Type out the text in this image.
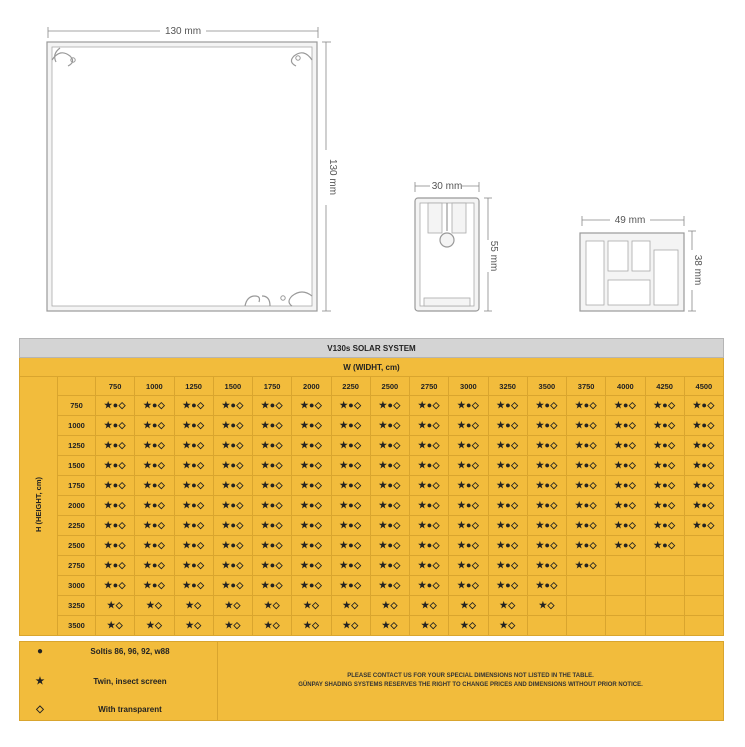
130 mm
130 mm	30 mm
55 mm
49 mm
38 mm
V130s SOLAR SYSTEM																	
W (WIDHT, cm)																	
H (HEIGHT, cm)		750	1000	1250	1500	1750	2000	2250	2500	2750	3000	3250	3500	3750	4000	4250	4500
	750	★●◇	★●◇	★●◇	★●◇	★●◇	★●◇	★●◇	★●◇	★●◇	★●◇	★●◇	★●◇	★●◇	★●◇	★●◇	★●◇
	1000	★●◇	★●◇	★●◇	★●◇	★●◇	★●◇	★●◇	★●◇	★●◇	★●◇	★●◇	★●◇	★●◇	★●◇	★●◇	★●◇
	1250	★●◇	★●◇	★●◇	★●◇	★●◇	★●◇	★●◇	★●◇	★●◇	★●◇	★●◇	★●◇	★●◇	★●◇	★●◇	★●◇
	1500	★●◇	★●◇	★●◇	★●◇	★●◇	★●◇	★●◇	★●◇	★●◇	★●◇	★●◇	★●◇	★●◇	★●◇	★●◇	★●◇
	1750	★●◇	★●◇	★●◇	★●◇	★●◇	★●◇	★●◇	★●◇	★●◇	★●◇	★●◇	★●◇	★●◇	★●◇	★●◇	★●◇
	2000	★●◇	★●◇	★●◇	★●◇	★●◇	★●◇	★●◇	★●◇	★●◇	★●◇	★●◇	★●◇	★●◇	★●◇	★●◇	★●◇
	2250	★●◇	★●◇	★●◇	★●◇	★●◇	★●◇	★●◇	★●◇	★●◇	★●◇	★●◇	★●◇	★●◇	★●◇	★●◇	★●◇
	2500	★●◇	★●◇	★●◇	★●◇	★●◇	★●◇	★●◇	★●◇	★●◇	★●◇	★●◇	★●◇	★●◇	★●◇	★●◇	
	2750	★●◇	★●◇	★●◇	★●◇	★●◇	★●◇	★●◇	★●◇	★●◇	★●◇	★●◇	★●◇	★●◇			
	3000	★●◇	★●◇	★●◇	★●◇	★●◇	★●◇	★●◇	★●◇	★●◇	★●◇	★●◇	★●◇				
	3250	★◇	★◇	★◇	★◇	★◇	★◇	★◇	★◇	★◇	★◇	★◇	★◇				
	3500	★◇	★◇	★◇	★◇	★◇	★◇	★◇	★◇	★◇	★◇	★◇					
●	Soltis 86, 96, 92, w88
★	Twin, insect screen
◇	With transparent
PLEASE CONTACT US FOR YOUR SPECIAL DIMENSIONS NOT LISTED IN THE TABLE.
GÜNPAY SHADING SYSTEMS RESERVES THE RIGHT TO CHANGE PRICES AND DIMENSIONS WITHOUT PRIOR NOTICE.
